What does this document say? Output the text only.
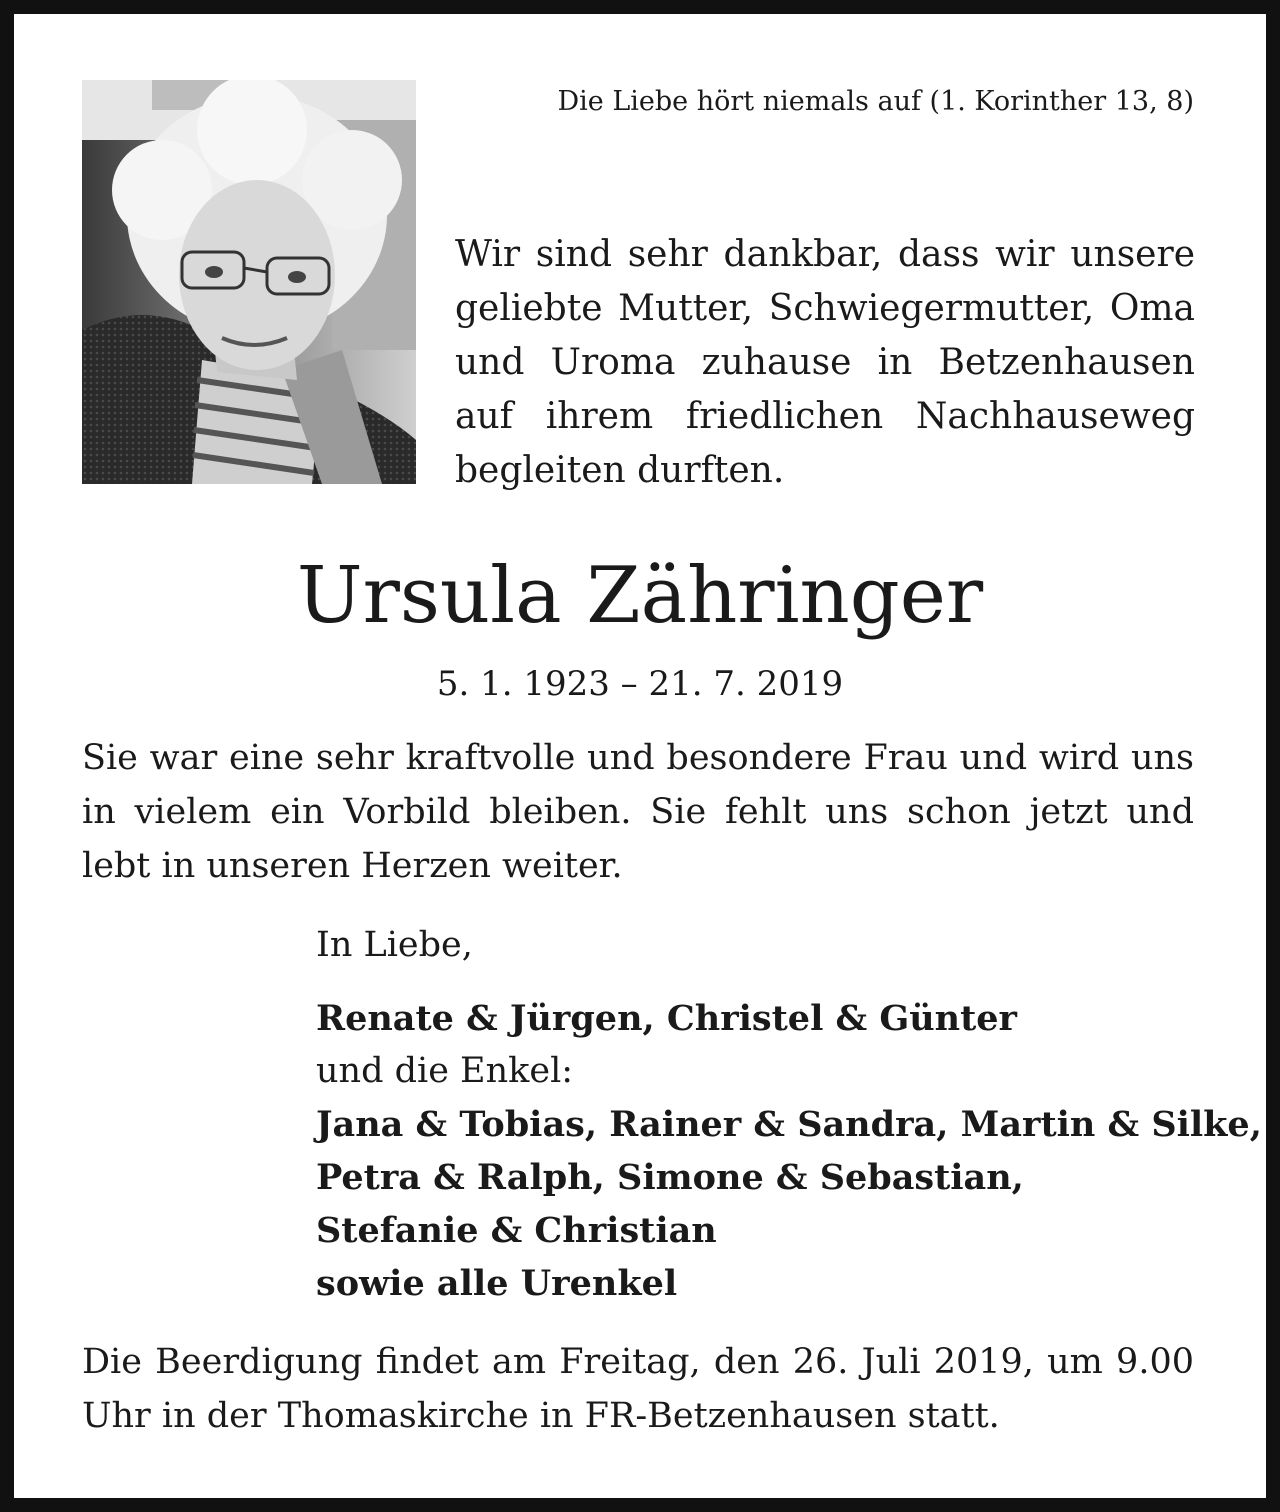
Die Liebe hört niemals auf (1. Korinther 13, 8)
Wir sind sehr dankbar, dass wir unsere geliebte Mutter, Schwiegermutter, Oma und Uroma zuhause in Betzenhausen auf ihrem friedlichen Nachhauseweg begleiten durften.
Ursula Zähringer
5. 1. 1923 – 21. 7. 2019
Sie war eine sehr kraftvolle und besondere Frau und wird uns in vielem ein Vorbild bleiben. Sie fehlt uns schon jetzt und lebt in unseren Herzen weiter.
In Liebe,
Renate & Jürgen, Christel & Günter
und die Enkel:
Jana & Tobias, Rainer & Sandra, Martin & Silke,
Petra & Ralph, Simone & Sebastian,
Stefanie & Christian
sowie alle Urenkel
Die Beerdigung findet am Freitag, den 26. Juli 2019, um 9.00 Uhr in der Thomaskirche in FR-Betzenhausen statt.
